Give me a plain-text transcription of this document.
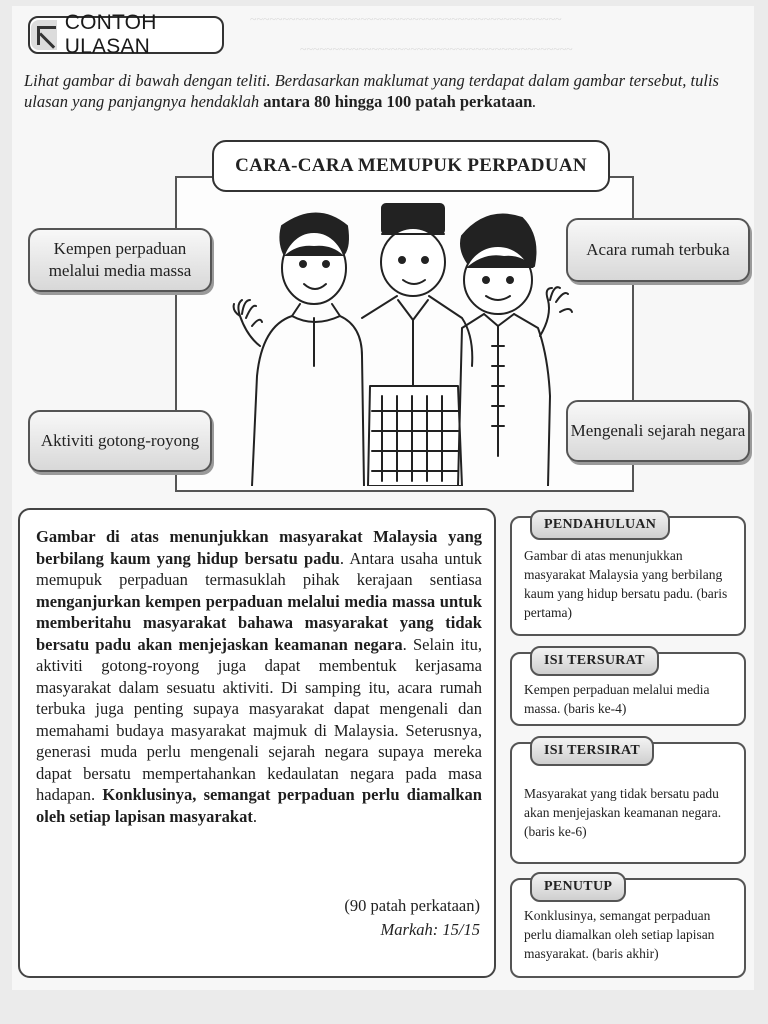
~~~~~~~~~~~~~~~~~~~~~~~~~~~~~~~~~~~~~~~~~~~~~~~~
~~~~~~~~~~~~~~~~~~~~~~~~~~~~~~~~~~~~~~~~~~
CONTOH ULASAN
Lihat gambar di bawah dengan teliti. Berdasarkan maklumat yang terdapat dalam gambar tersebut, tulis ulasan yang panjangnya hendaklah antara 80 hingga 100 patah perkataan.
CARA-CARA MEMUPUK PERPADUAN
Kempen perpaduan melalui media massa
Acara rumah terbuka
Aktiviti gotong-royong
Mengenali sejarah negara
Gambar di atas menunjukkan masyarakat Malaysia yang berbilang kaum yang hidup bersatu padu. Antara usaha untuk memupuk perpaduan termasuklah pihak kerajaan sentiasa menganjurkan kempen perpaduan melalui media massa untuk memberitahu masyarakat bahawa masyarakat yang tidak bersatu padu akan menjejaskan keamanan negara. Selain itu, aktiviti gotong-royong juga dapat membentuk kerjasama masyarakat dalam sesuatu aktiviti. Di samping itu, acara rumah terbuka juga penting supaya masyarakat dapat mengenali dan memahami budaya masyarakat majmuk di Malaysia. Seterusnya, generasi muda perlu mengenali sejarah negara supaya mereka dapat bersatu mempertahankan kedaulatan negara pada masa hadapan. Konklusinya, semangat perpaduan perlu diamalkan oleh setiap lapisan masyarakat.
(90 patah perkataan)
Markah: 15/15
PENDAHULUAN
Gambar di atas menunjukkan masyarakat Malaysia yang berbilang kaum yang hidup bersatu padu. (baris pertama)
ISI TERSURAT
Kempen perpaduan melalui media massa. (baris ke-4)
ISI TERSIRAT
Masyarakat yang tidak bersatu padu akan menjejaskan keamanan negara. (baris ke-6)
PENUTUP
Konklusinya, semangat perpaduan perlu diamalkan oleh setiap lapisan masyarakat. (baris akhir)
